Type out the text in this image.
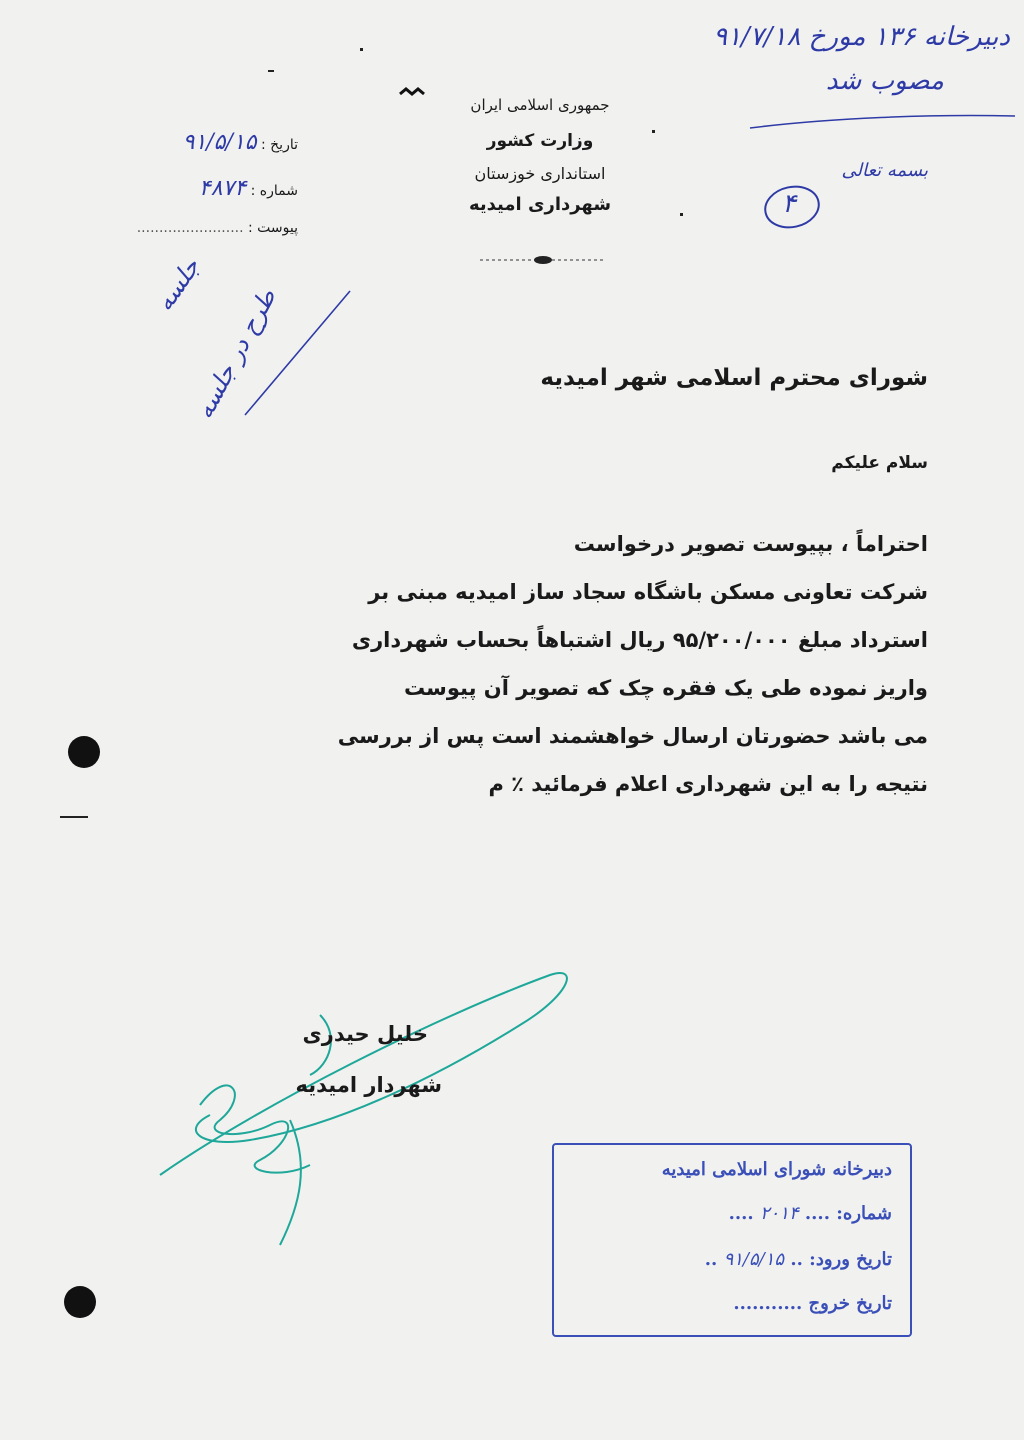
دبیرخانه ۱۳۶ مورخ ۹۱/۷/۱۸
مصوب شد
بسمه تعالی
۴
جمهوری اسلامی ایران
وزارت کشور
استانداری خوزستان
شهرداری امیدیه
تاریخ : ۹۱/۵/۱۵
شماره : ۴۸۷۴
پیوست : ........................
جلسه
طرح در جلسه	شورای محترم اسلامی شهر امیدیه
سلام علیکم

احتراماً ، بپیوست تصویر درخواست

شرکت تعاونی مسکن باشگاه سجاد ساز امیدیه مبنی بر

استرداد مبلغ ۹۵/۲۰۰/۰۰۰ ریال اشتباهاً بحساب شهرداری

واریز نموده طی یک فقره چک که تصویر آن پیوست

می باشد حضورتان ارسال خواهشمند است پس از بررسی

نتیجه را به این شهرداری اعلام فرمائید ٪ م

خلیل حیدری
شهردار امیدیه
دبیرخانه شورای اسلامی امیدیه
شماره: .... ۲۰۱۴ ....
تاریخ ورود: .. ۹۱/۵/۱۵ ..
تاریخ خروج ...........
